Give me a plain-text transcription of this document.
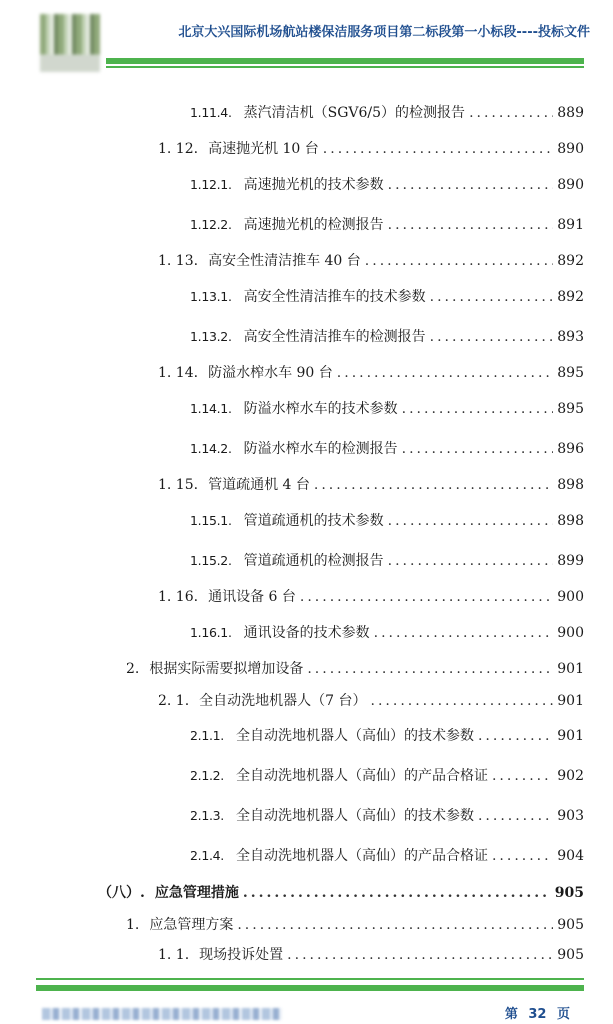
北京大兴国际机场航站楼保洁服务项目第二标段第一小标段----投标文件
1.11.4. 蒸汽清洁机（SGV6/5）的检测报告 .....	889
1. 12. 高速抛光机 10 台 .....	890
1.12.1. 高速抛光机的技术参数 .....	890
1.12.2. 高速抛光机的检测报告 .....	891
1. 13. 高安全性清洁推车 40 台 .....	892
1.13.1. 高安全性清洁推车的技术参数 .....	892
1.13.2. 高安全性清洁推车的检测报告 .....	893
1. 14. 防溢水榨水车 90 台 .....	895
1.14.1. 防溢水榨水车的技术参数 .....	895
1.14.2. 防溢水榨水车的检测报告 .....	896
1. 15. 管道疏通机 4 台 .....	898
1.15.1. 管道疏通机的技术参数 .....	898
1.15.2. 管道疏通机的检测报告 .....	899
1. 16. 通讯设备 6 台 .....	900
1.16.1. 通讯设备的技术参数 .....	900
2. 根据实际需要拟增加设备 .....	901
2. 1. 全自动洗地机器人（7 台） .....	901
2.1.1. 全自动洗地机器人（高仙）的技术参数 .....	901
2.1.2. 全自动洗地机器人（高仙）的产品合格证 .....	902
2.1.3. 全自动洗地机器人（高仙）的技术参数 .....	903
2.1.4. 全自动洗地机器人（高仙）的产品合格证 .....	904
（八）. 应急管理措施 .....	905
1. 应急管理方案 .....	905
1. 1. 现场投诉处置 .....	905
第 32 页
